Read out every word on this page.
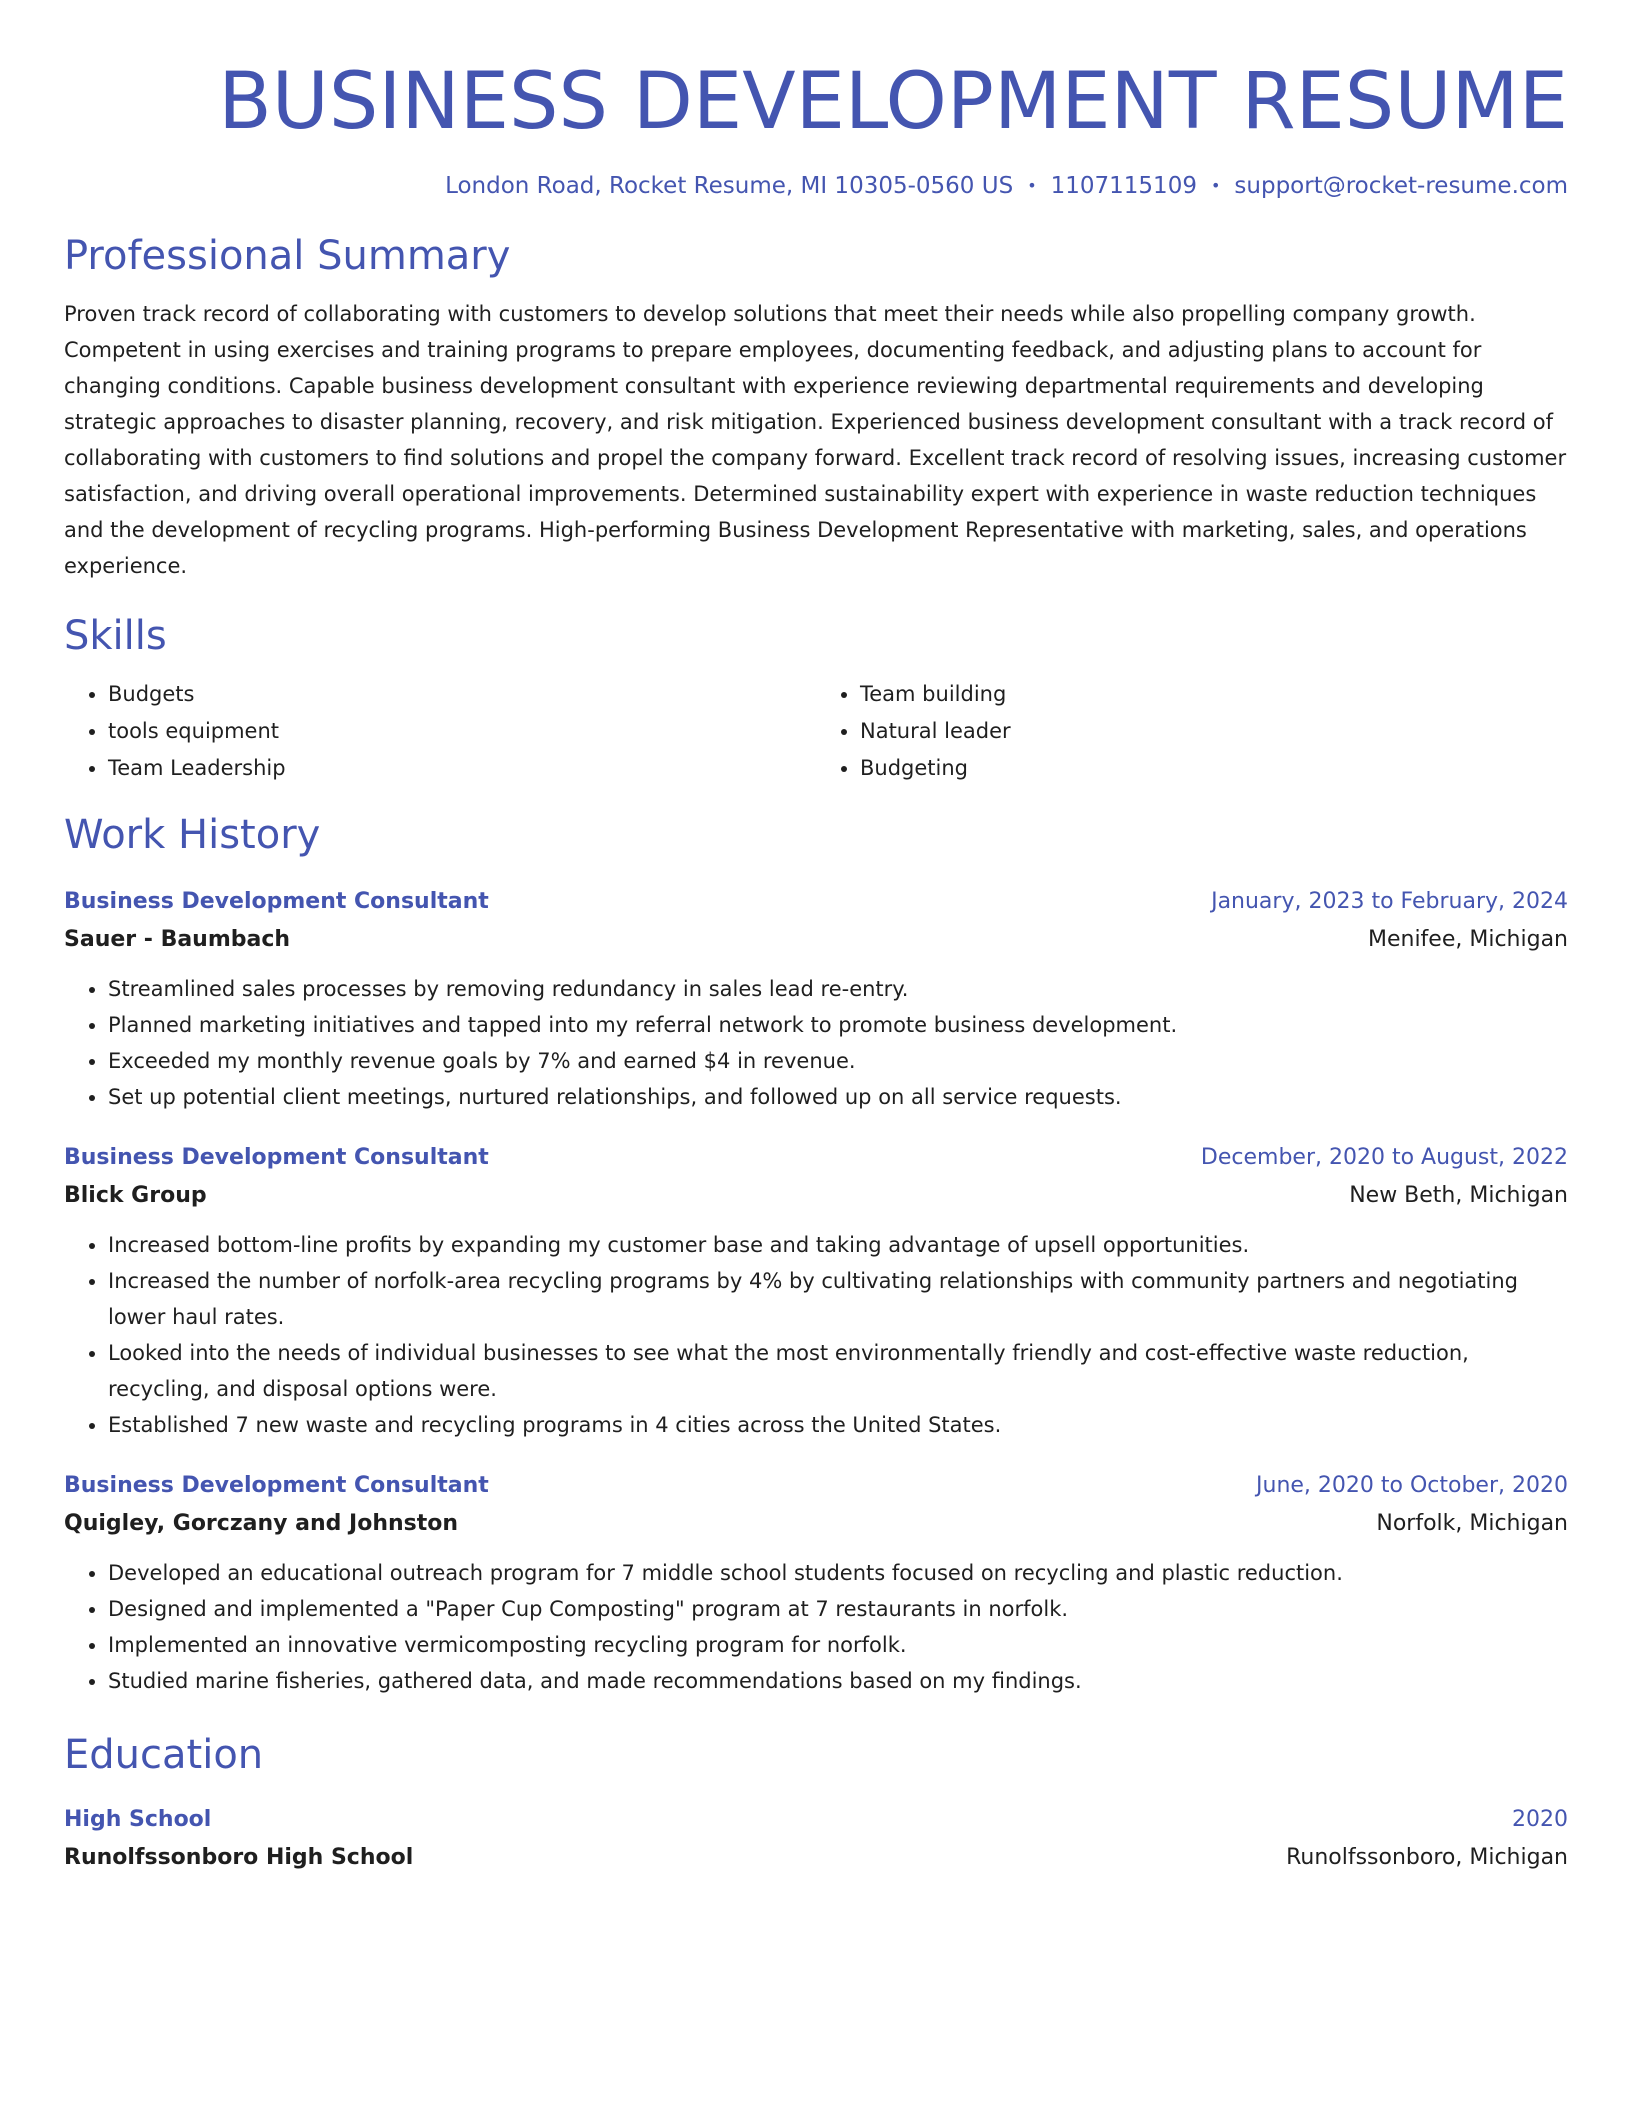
BUSINESS DEVELOPMENT RESUME
London Road, Rocket Resume, MI 10305-0560 US • 1107115109 • support@rocket-resume.com
Professional Summary

Proven track record of collaborating with customers to develop solutions that meet their needs while also propelling company growth. Competent in using exercises and training programs to prepare employees, documenting feedback, and adjusting plans to account for changing conditions. Capable business development consultant with experience reviewing departmental requirements and developing strategic approaches to disaster planning, recovery, and risk mitigation. Experienced business development consultant with a track record of collaborating with customers to find solutions and propel the company forward. Excellent track record of resolving issues, increasing customer satisfaction, and driving overall operational improvements. Determined sustainability expert with experience in waste reduction techniques and the development of recycling programs. High-performing Business Development Representative with marketing, sales, and operations experience.

Skills
• Budgets
• tools equipment
• Team Leadership
• Team building
• Natural leader
• Budgeting
Work History
Business Development Consultant	January, 2023 to February, 2024
Sauer - Baumbach	Menifee, Michigan
• Streamlined sales processes by removing redundancy in sales lead re-entry.
• Planned marketing initiatives and tapped into my referral network to promote business development.
• Exceeded my monthly revenue goals by 7% and earned $4 in revenue.
• Set up potential client meetings, nurtured relationships, and followed up on all service requests.
Business Development Consultant	December, 2020 to August, 2022
Blick Group	New Beth, Michigan
• Increased bottom-line profits by expanding my customer base and taking advantage of upsell opportunities.
• Increased the number of norfolk-area recycling programs by 4% by cultivating relationships with community partners and negotiating lower haul rates.
• Looked into the needs of individual businesses to see what the most environmentally friendly and cost-effective waste reduction, recycling, and disposal options were.
• Established 7 new waste and recycling programs in 4 cities across the United States.
Business Development Consultant	June, 2020 to October, 2020
Quigley, Gorczany and Johnston	Norfolk, Michigan
• Developed an educational outreach program for 7 middle school students focused on recycling and plastic reduction.
• Designed and implemented a "Paper Cup Composting" program at 7 restaurants in norfolk.
• Implemented an innovative vermicomposting recycling program for norfolk.
• Studied marine fisheries, gathered data, and made recommendations based on my findings.
Education
High School	2020
Runolfssonboro High School	Runolfssonboro, Michigan
